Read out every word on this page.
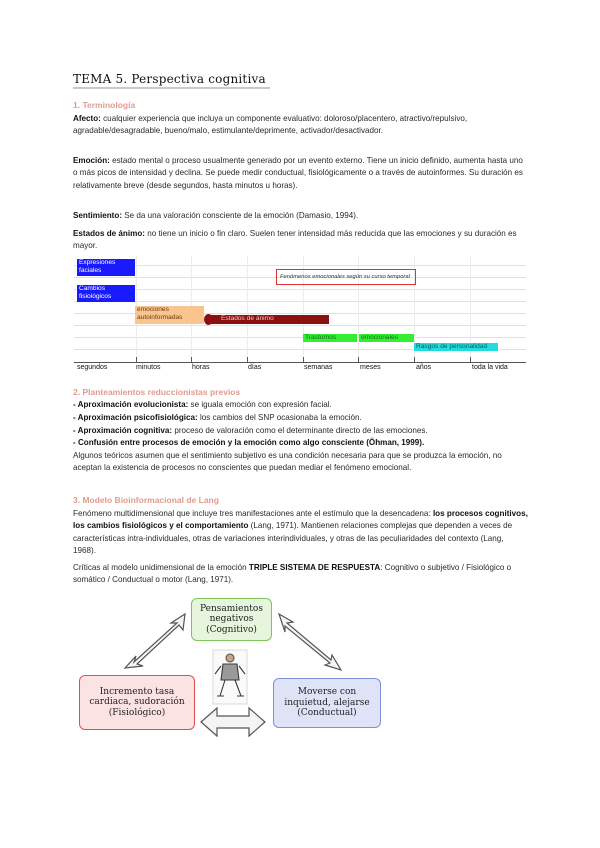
TEMA 5. Perspectiva cognitiva
1. Terminología

Afecto: cualquier experiencia que incluya un componente evaluativo: doloroso/placentero, atractivo/repulsivo, agradable/desagradable, bueno/malo, estimulante/deprimente, activador/desactivador.

Emoción: estado mental o proceso usualmente generado por un evento externo. Tiene un inicio definido, aumenta hasta uno o más picos de intensidad y declina. Se puede medir conductual, fisiológicamente o a través de autoinformes. Su duración es relativamente breve (desde segundos, hasta minutos u horas).

Sentimiento: Se da una valoración consciente de la emoción (Damasio, 1994).

Estados de ánimo: no tiene un inicio o fin claro. Suelen tener intensidad más reducida que las emociones y su duración es mayor.

Fenómenos emocionales según su curso temporal
Expresiones faciales
Cambios fisiológicos
emociones autoinformadas	Estados de ánimo
Trastornos	emocionales
Rasgos de personalidad
segundos	minutos	horas	días	semanas	meses	años	toda la vida
2. Planteamientos reduccionistas previos
- Aproximación evolucionista: se iguala emoción con expresión facial.
- Aproximación psicofisiológica: los cambios del SNP ocasionaba la emoción.
- Aproximación cognitiva: proceso de valoración como el determinante directo de las emociones.
- Confusión entre procesos de emoción y la emoción como algo consciente (Öhman, 1999).

Algunos teóricos asumen que el sentimiento subjetivo es una condición necesaria para que se produzca la emoción, no aceptan la existencia de procesos no conscientes que puedan mediar el fenómeno emocional.

3. Modelo Bioinformacional de Lang

Fenómeno multidimensional que incluye tres manifestaciones ante el estímulo que la desencadena: los procesos cognitivos, los cambios fisiológicos y el comportamiento (Lang, 1971). Mantienen relaciones complejas que dependen a veces de características intra-individuales, otras de variaciones interindividuales, y otras de las peculiaridades del contexto (Lang, 1968).

Críticas al modelo unidimensional de la emoción TRIPLE SISTEMA DE RESPUESTA: Cognitivo o subjetivo / Fisiológico o somático / Conductual o motor (Lang, 1971).

Pensamientos negativos (Cognitivo)
Incremento tasa cardiaca, sudoración (Fisiológico)
Moverse con inquietud, alejarse (Conductual)
